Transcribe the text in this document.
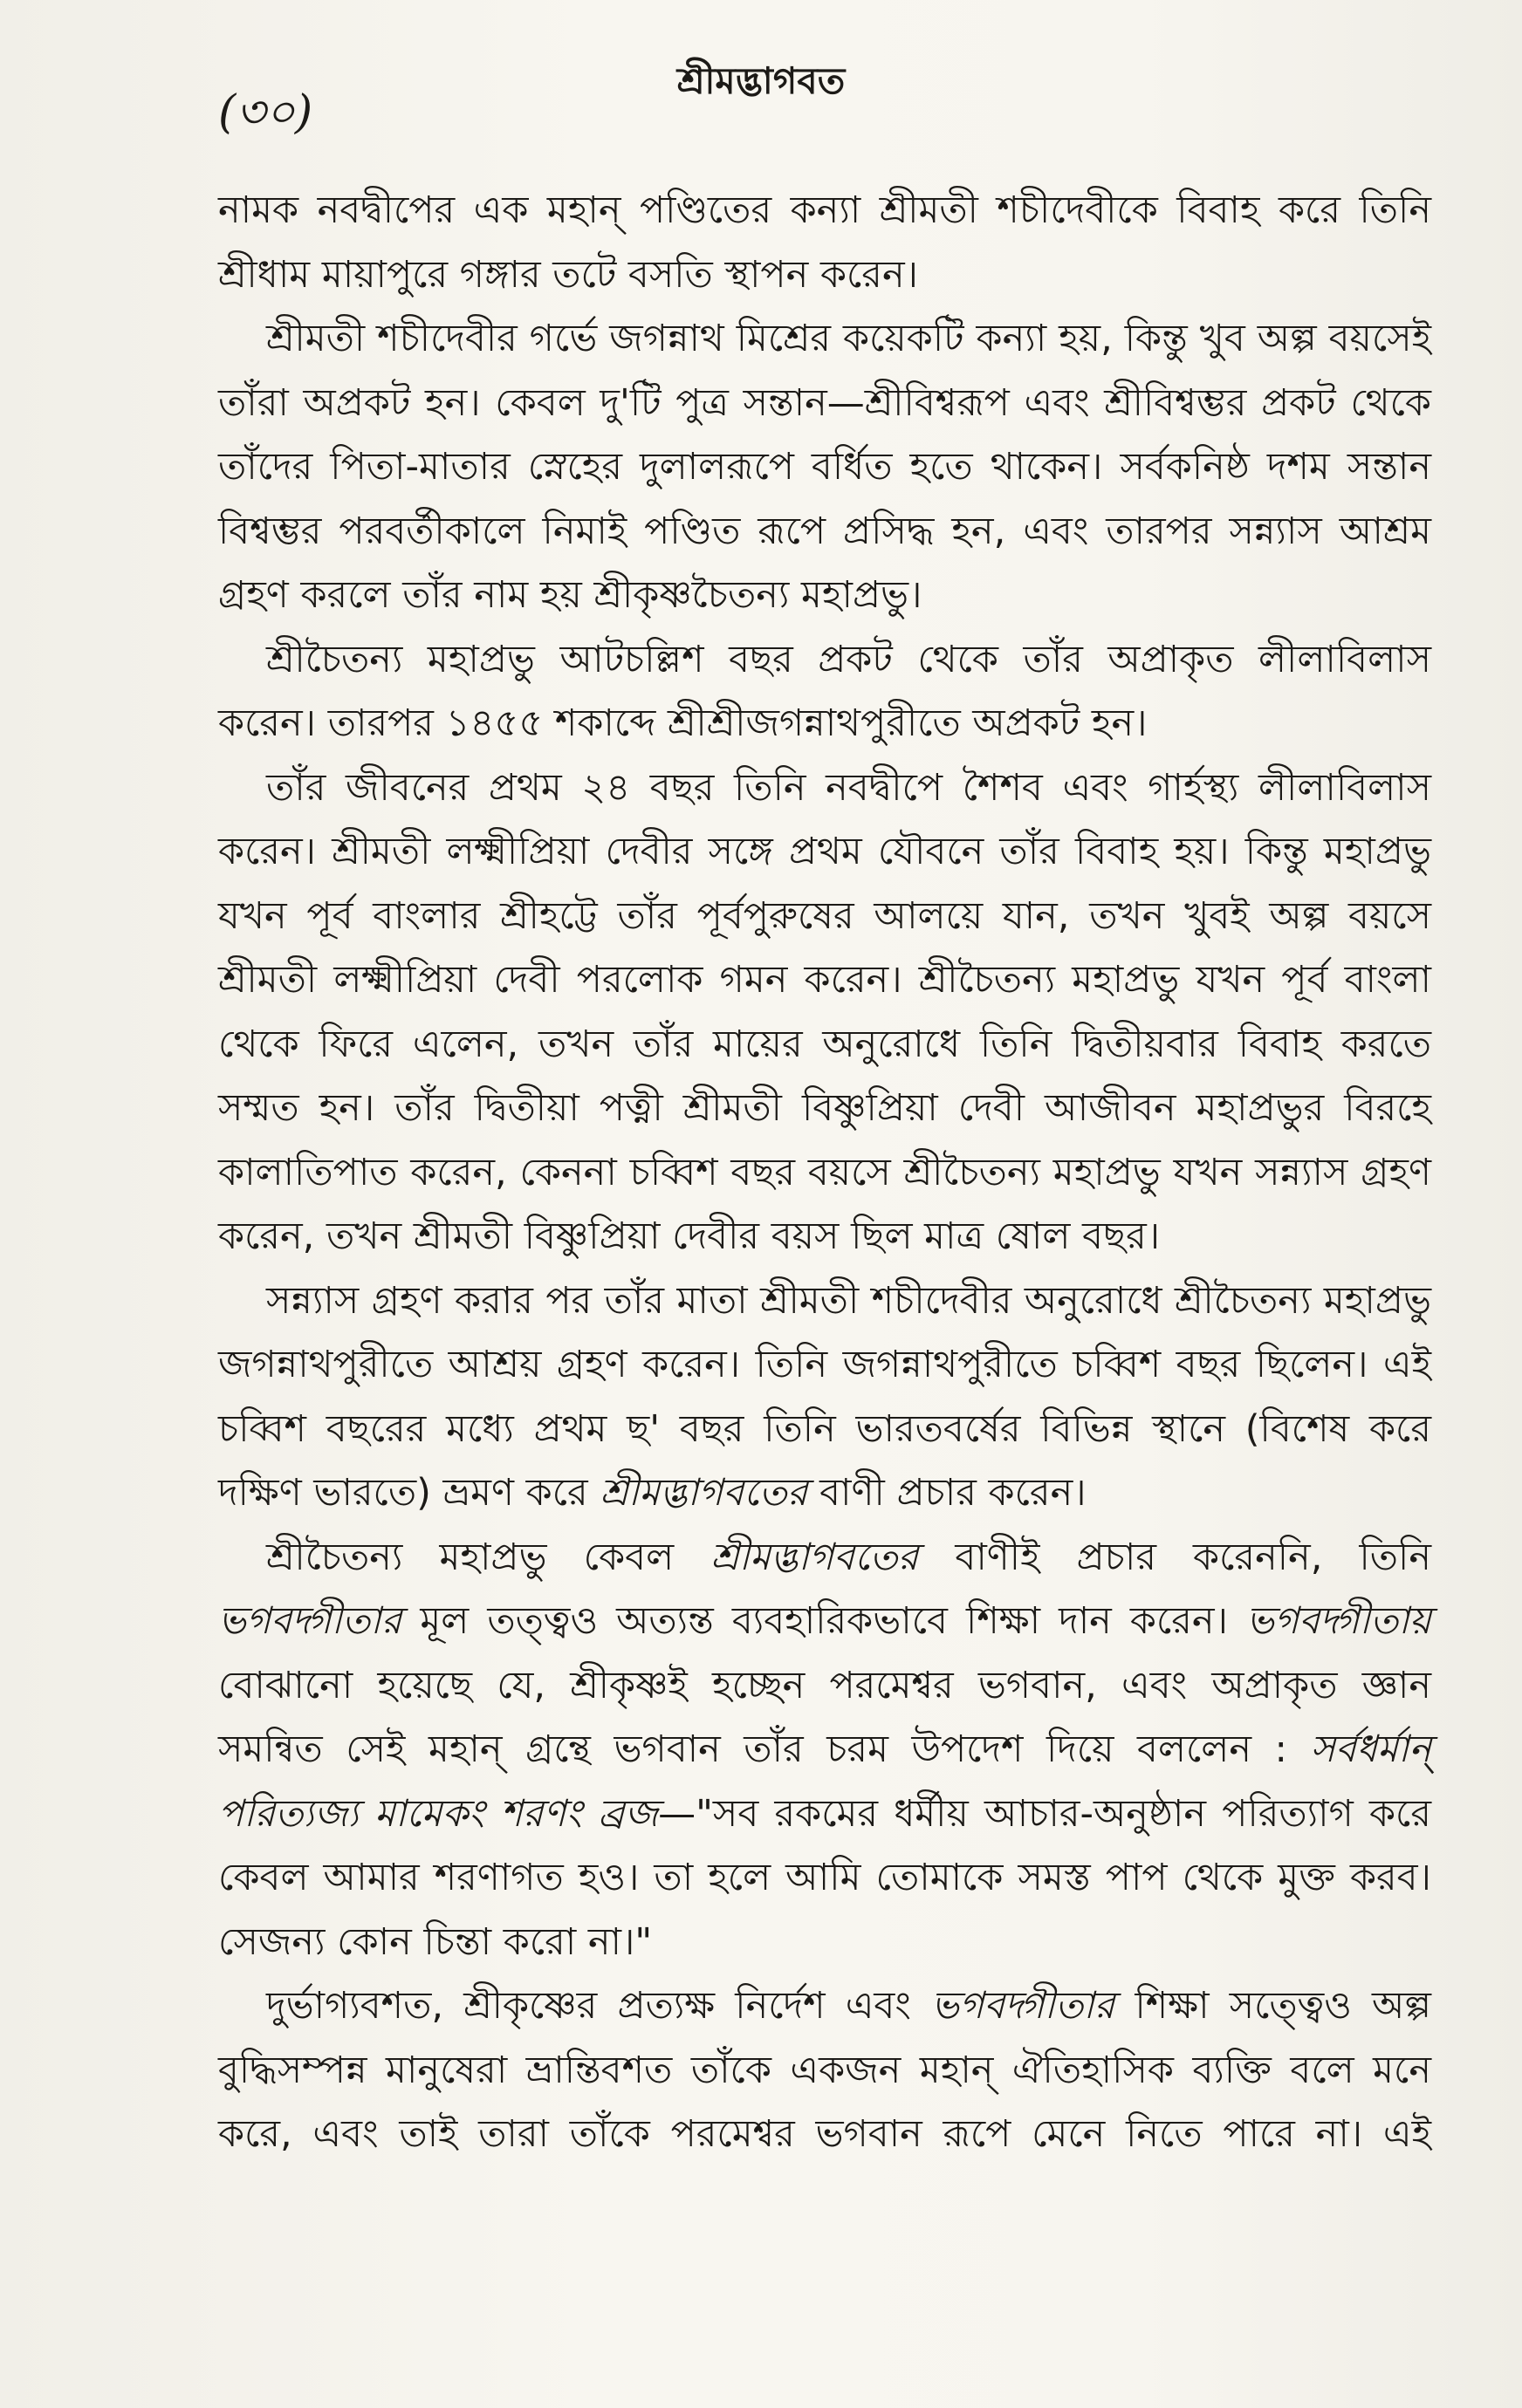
(৩০)
শ্রীমদ্ভাগবত

নামক নবদ্বীপের এক মহান্ পণ্ডিতের কন্যা শ্রীমতী শচীদেবীকে বিবাহ করে তিনি শ্রীধাম মায়াপুরে গঙ্গার তটে বসতি স্থাপন করেন।

শ্রীমতী শচীদেবীর গর্ভে জগন্নাথ মিশ্রের কয়েকটি কন্যা হয়, কিন্তু খুব অল্প বয়সেই তাঁরা অপ্রকট হন। কেবল দু'টি পুত্র সন্তান—শ্রীবিশ্বরূপ এবং শ্রীবিশ্বম্ভর প্রকট থেকে তাঁদের পিতা-মাতার স্নেহের দুলালরূপে বর্ধিত হতে থাকেন। সর্বকনিষ্ঠ দশম সন্তান বিশ্বম্ভর পরবর্তীকালে নিমাই পণ্ডিত রূপে প্রসিদ্ধ হন, এবং তারপর সন্ন্যাস আশ্রম গ্রহণ করলে তাঁর নাম হয় শ্রীকৃষ্ণচৈতন্য মহাপ্রভু।

শ্রীচৈতন্য মহাপ্রভু আটচল্লিশ বছর প্রকট থেকে তাঁর অপ্রাকৃত লীলাবিলাস করেন। তারপর ১৪৫৫ শকাব্দে শ্রীশ্রীজগন্নাথপুরীতে অপ্রকট হন।

তাঁর জীবনের প্রথম ২৪ বছর তিনি নবদ্বীপে শৈশব এবং গার্হস্থ্য লীলাবিলাস করেন। শ্রীমতী লক্ষ্মীপ্রিয়া দেবীর সঙ্গে প্রথম যৌবনে তাঁর বিবাহ হয়। কিন্তু মহাপ্রভু যখন পূর্ব বাংলার শ্রীহট্টে তাঁর পূর্বপুরুষের আলয়ে যান, তখন খুবই অল্প বয়সে শ্রীমতী লক্ষ্মীপ্রিয়া দেবী পরলোক গমন করেন। শ্রীচৈতন্য মহাপ্রভু যখন পূর্ব বাংলা থেকে ফিরে এলেন, তখন তাঁর মায়ের অনুরোধে তিনি দ্বিতীয়বার বিবাহ করতে সম্মত হন। তাঁর দ্বিতীয়া পত্নী শ্রীমতী বিষ্ণুপ্রিয়া দেবী আজীবন মহাপ্রভুর বিরহে কালাতিপাত করেন, কেননা চব্বিশ বছর বয়সে শ্রীচৈতন্য মহাপ্রভু যখন সন্ন্যাস গ্রহণ করেন, তখন শ্রীমতী বিষ্ণুপ্রিয়া দেবীর বয়স ছিল মাত্র ষোল বছর।

সন্ন্যাস গ্রহণ করার পর তাঁর মাতা শ্রীমতী শচীদেবীর অনুরোধে শ্রীচৈতন্য মহাপ্রভু জগন্নাথপুরীতে আশ্রয় গ্রহণ করেন। তিনি জগন্নাথপুরীতে চব্বিশ বছর ছিলেন। এই চব্বিশ বছরের মধ্যে প্রথম ছ' বছর তিনি ভারতবর্ষের বিভিন্ন স্থানে (বিশেষ করে দক্ষিণ ভারতে) ভ্রমণ করে শ্রীমদ্ভাগবতের বাণী প্রচার করেন।

শ্রীচৈতন্য মহাপ্রভু কেবল শ্রীমদ্ভাগবতের বাণীই প্রচার করেননি, তিনি ভগবদ্গীতার মূল তত্ত্বও অত্যন্ত ব্যবহারিকভাবে শিক্ষা দান করেন। ভগবদ্গীতায় বোঝানো হয়েছে যে, শ্রীকৃষ্ণই হচ্ছেন পরমেশ্বর ভগবান, এবং অপ্রাকৃত জ্ঞান সমন্বিত সেই মহান্ গ্রন্থে ভগবান তাঁর চরম উপদেশ দিয়ে বললেন : সর্বধর্মান্ পরিত্যজ্য মামেকং শরণং ব্রজ—"সব রকমের ধর্মীয় আচার-অনুষ্ঠান পরিত্যাগ করে কেবল আমার শরণাগত হও। তা হলে আমি তোমাকে সমস্ত পাপ থেকে মুক্ত করব। সেজন্য কোন চিন্তা করো না।"

দুর্ভাগ্যবশত, শ্রীকৃষ্ণের প্রত্যক্ষ নির্দেশ এবং ভগবদ্গীতার শিক্ষা সত্ত্বেও অল্প বুদ্ধিসম্পন্ন মানুষেরা ভ্রান্তিবশত তাঁকে একজন মহান্ ঐতিহাসিক ব্যক্তি বলে মনে করে, এবং তাই তারা তাঁকে পরমেশ্বর ভগবান রূপে মেনে নিতে পারে না। এই
